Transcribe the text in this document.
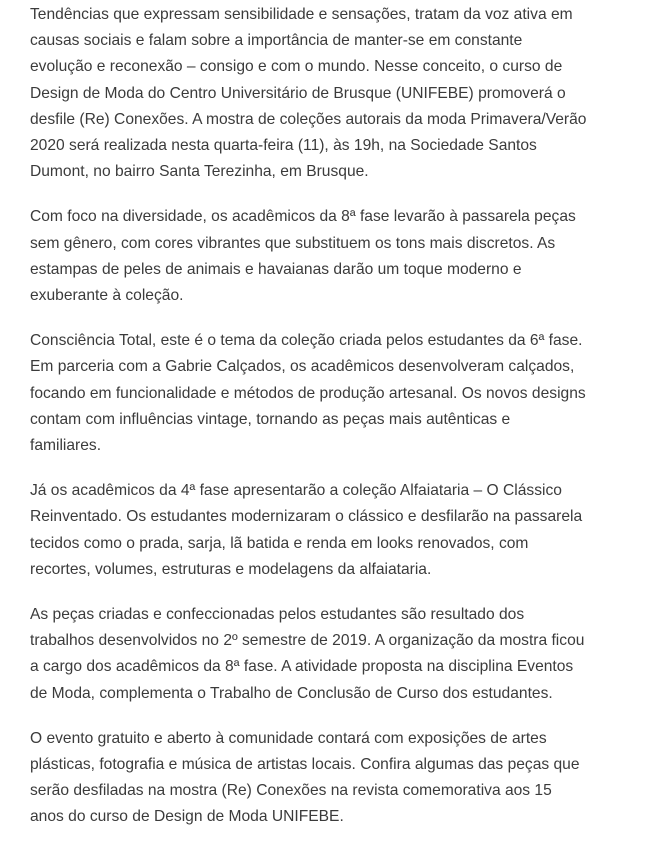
Tendências que expressam sensibilidade e sensações, tratam da voz ativa em
causas sociais e falam sobre a importância de manter-se em constante
evolução e reconexão – consigo e com o mundo. Nesse conceito, o curso de
Design de Moda do Centro Universitário de Brusque (UNIFEBE) promoverá o
desfile (Re) Conexões. A mostra de coleções autorais da moda Primavera/Verão
2020 será realizada nesta quarta-feira (11), às 19h, na Sociedade Santos
Dumont, no bairro Santa Terezinha, em Brusque.

Com foco na diversidade, os acadêmicos da 8ª fase levarão à passarela peças
sem gênero, com cores vibrantes que substituem os tons mais discretos. As
estampas de peles de animais e havaianas darão um toque moderno e
exuberante à coleção.

Consciência Total, este é o tema da coleção criada pelos estudantes da 6ª fase.
Em parceria com a Gabrie Calçados, os acadêmicos desenvolveram calçados,
focando em funcionalidade e métodos de produção artesanal. Os novos designs
contam com influências vintage, tornando as peças mais autênticas e
familiares.

Já os acadêmicos da 4ª fase apresentarão a coleção Alfaiataria – O Clássico
Reinventado. Os estudantes modernizaram o clássico e desfilarão na passarela
tecidos como o prada, sarja, lã batida e renda em looks renovados, com
recortes, volumes, estruturas e modelagens da alfaiataria.

As peças criadas e confeccionadas pelos estudantes são resultado dos
trabalhos desenvolvidos no 2º semestre de 2019. A organização da mostra ficou
a cargo dos acadêmicos da 8ª fase. A atividade proposta na disciplina Eventos
de Moda, complementa o Trabalho de Conclusão de Curso dos estudantes.

O evento gratuito e aberto à comunidade contará com exposições de artes
plásticas, fotografia e música de artistas locais. Confira algumas das peças que
serão desfiladas na mostra (Re) Conexões na revista comemorativa aos 15
anos do curso de Design de Moda UNIFEBE.
